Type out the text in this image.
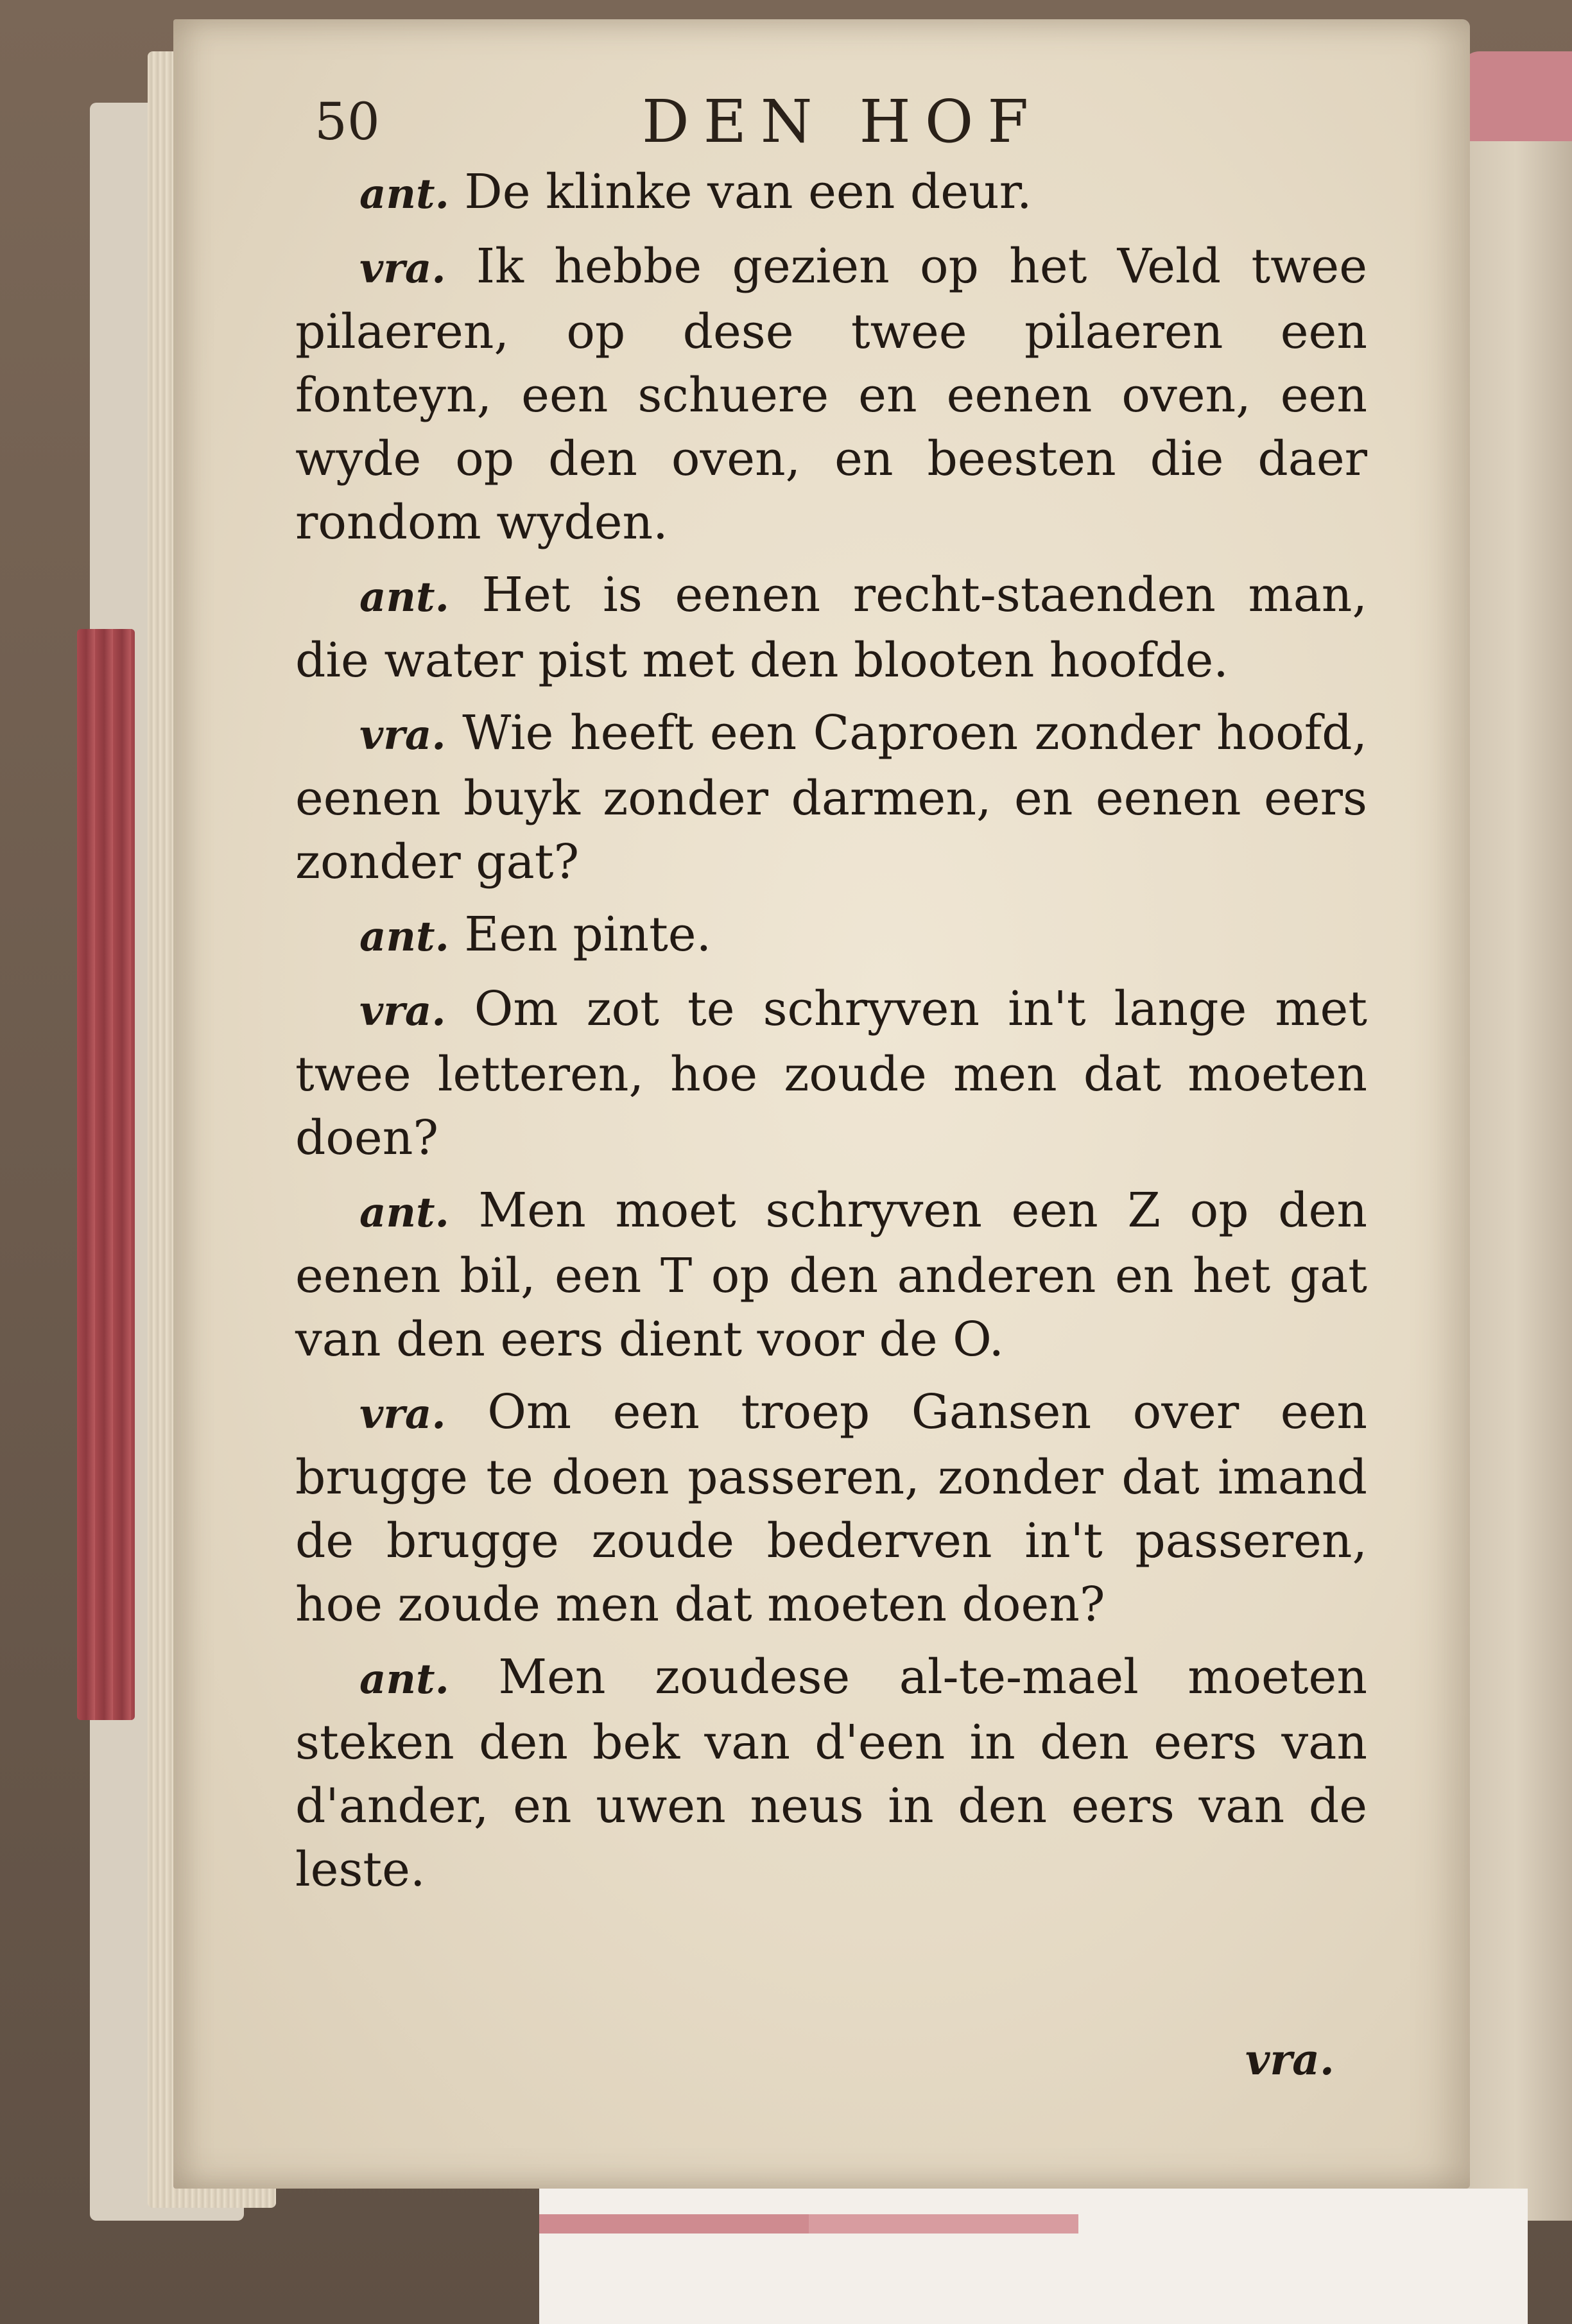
50	DEN HOF

ant. De klinke van een deur.

vra. Ik hebbe gezien op het Veld twee pilaeren, op dese twee pilaeren een fonteyn, een schuere en eenen oven, een wyde op den oven, en beesten die daer rondom wyden.

ant. Het is eenen recht-staenden man, die water pist met den blooten hoofde.

vra. Wie heeft een Caproen zonder hoofd, eenen buyk zonder darmen, en eenen eers zonder gat?

ant. Een pinte.

vra. Om zot te schryven in't lange met twee letteren, hoe zoude men dat moeten doen?

ant. Men moet schryven een Z op den eenen bil, een T op den anderen en het gat van den eers dient voor de O.

vra. Om een troep Gansen over een brugge te doen passeren, zonder dat imand de brugge zoude bederven in't passeren, hoe zoude men dat moeten doen?

ant. Men zoudese al-te-mael moeten steken den bek van d'een in den eers van d'ander, en uwen neus in den eers van de leste.

vra.
